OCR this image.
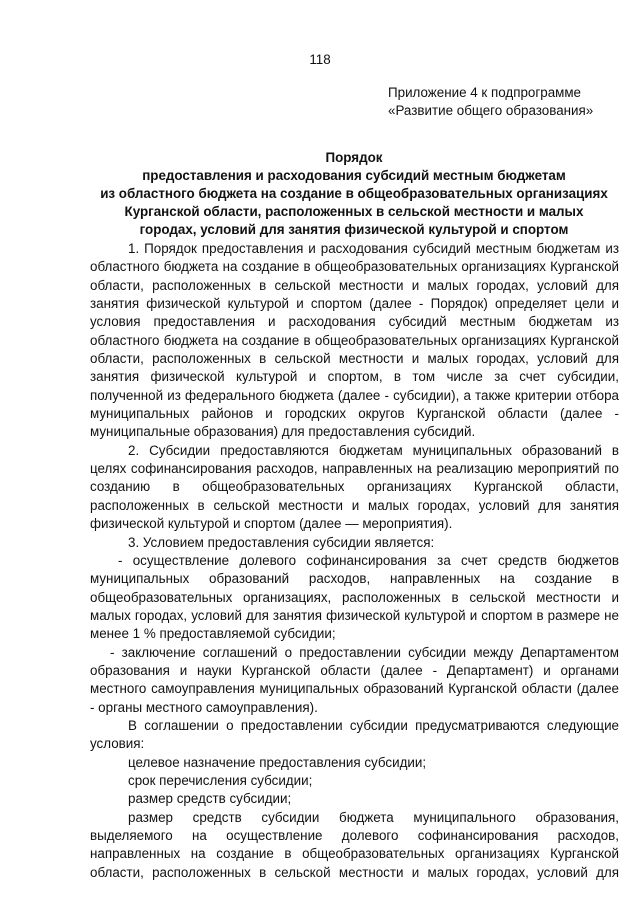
118
Приложение 4 к подпрограмме
«Развитие общего образования»
Порядок
предоставления и расходования субсидий местным бюджетам
из областного бюджета на создание в общеобразовательных организациях
Курганской области, расположенных в сельской местности и малых
городах, условий для занятия физической культурой и спортом

1. Порядок предоставления и расходования субсидий местным бюджетам из областного бюджета на создание в общеобразовательных организациях Курганской области, расположенных в сельской местности и малых городах, условий для занятия физической культурой и спортом (далее - Порядок) определяет цели и условия предоставления и расходования субсидий местным бюджетам из областного бюджета на создание в общеобразовательных организациях Курганской области, расположенных в сельской местности и малых городах, условий для занятия физической культурой и спортом, в том числе за счет субсидии, полученной из федерального бюджета (далее - субсидии), а также критерии отбора муниципальных районов и городских округов Курганской области (далее - муниципальные образования) для предоставления субсидий.

2. Субсидии предоставляются бюджетам муниципальных образований в целях софинансирования расходов, направленных на реализацию мероприятий по созданию в общеобразовательных организациях Курганской области, расположенных в сельской местности и малых городах, условий для занятия физической культурой и спортом (далее — мероприятия).

3. Условием предоставления субсидии является:

- осуществление долевого софинансирования за счет средств бюджетов муниципальных образований расходов, направленных на создание в общеобразовательных организациях, расположенных в сельской местности и малых городах, условий для занятия физической культурой и спортом в размере не менее 1 % предоставляемой субсидии;

- заключение соглашений о предоставлении субсидии между Департаментом образования и науки Курганской области (далее - Департамент) и органами местного самоуправления муниципальных образований Курганской области (далее - органы местного самоуправления).

В соглашении о предоставлении субсидии предусматриваются следующие условия:

целевое назначение предоставления субсидии;
срок перечисления субсидии;
размер средств субсидии;

размер средств субсидии бюджета муниципального образования, выделяемого на осуществление долевого софинансирования расходов, направленных на создание в общеобразовательных организациях Курганской области, расположенных в сельской местности и малых городах, условий для
